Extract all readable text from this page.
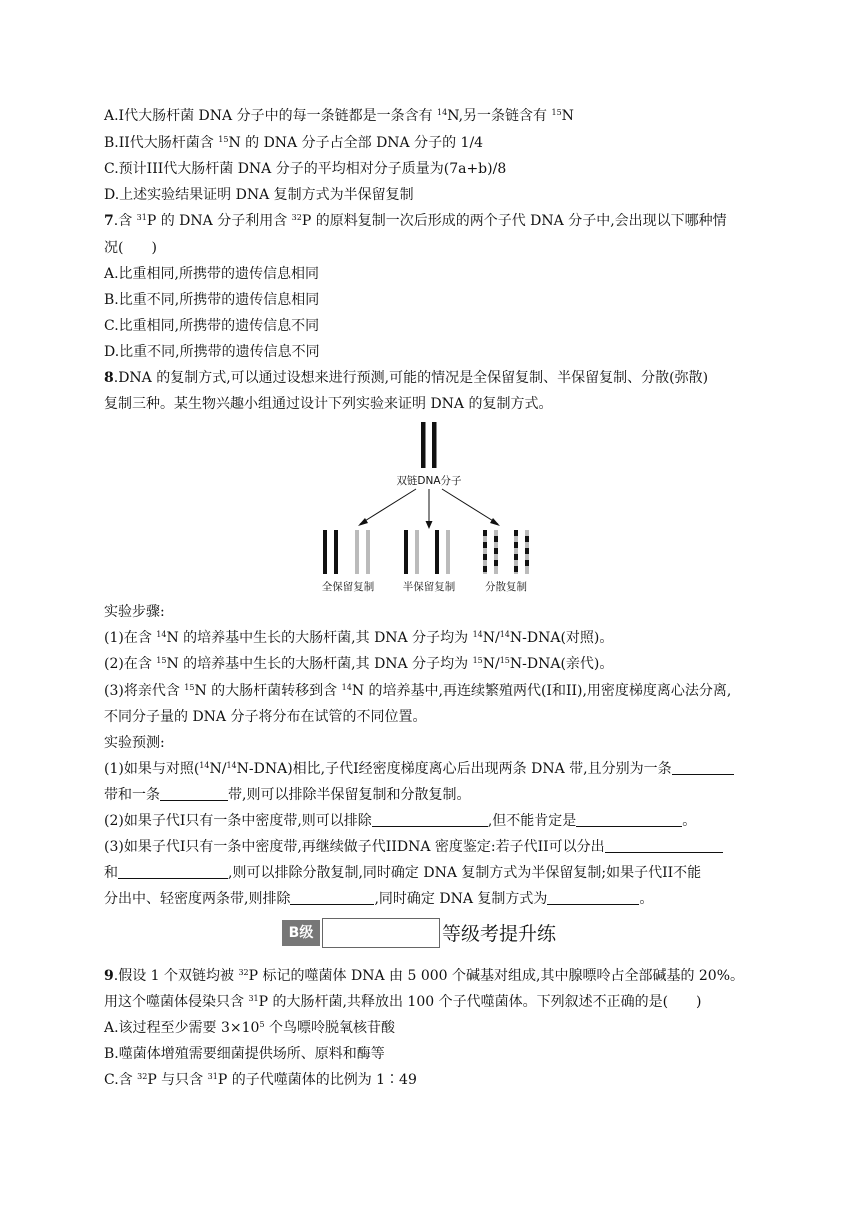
A.I代大肠杆菌 DNA 分子中的每一条链都是一条含有 $^{14}$N,另一条链含有 $^{15}$N
B.II代大肠杆菌含 $^{15}$N 的 DNA 分子占全部 DNA 分子的 1/4
C.预计III代大肠杆菌 DNA 分子的平均相对分子质量为(7a+b)/8
D.上述实验结果证明 DNA 复制方式为半保留复制
7.含 $^{31}$P 的 DNA 分子利用含 $^{32}$P 的原料复制一次后形成的两个子代 DNA 分子中,会出现以下哪种情
况(　　)
A.比重相同,所携带的遗传信息相同
B.比重不同,所携带的遗传信息相同
C.比重相同,所携带的遗传信息不同
D.比重不同,所携带的遗传信息不同
8.DNA 的复制方式,可以通过设想来进行预测,可能的情况是全保留复制、半保留复制、分散(弥散)
复制三种。某生物兴趣小组通过设计下列实验来证明 DNA 的复制方式。
双链DNA分子
全保留复制	半保留复制	分散复制
实验步骤:
(1)在含 $^{14}$N 的培养基中生长的大肠杆菌,其 DNA 分子均为 $^{14}$N/$^{14}$N-DNA(对照)。
(2)在含 $^{15}$N 的培养基中生长的大肠杆菌,其 DNA 分子均为 $^{15}$N/$^{15}$N-DNA(亲代)。
(3)将亲代含 $^{15}$N 的大肠杆菌转移到含 $^{14}$N 的培养基中,再连续繁殖两代(I和II),用密度梯度离心法分离,
不同分子量的 DNA 分子将分布在试管的不同位置。
实验预测:
(1)如果与对照($^{14}$N/$^{14}$N-DNA)相比,子代I经密度梯度离心后出现两条 DNA 带,且分别为一条
带和一条	带,则可以排除半保留复制和分散复制。
(2)如果子代I只有一条中密度带,则可以排除	,但不能肯定是	。
(3)如果子代I只有一条中密度带,再继续做子代IIDNA 密度鉴定:若子代II可以分出
和	,则可以排除分散复制,同时确定 DNA 复制方式为半保留复制;如果子代II不能
分出中、轻密度两条带,则排除	,同时确定 DNA 复制方式为	。
B级	等级考提升练
9.假设 1 个双链均被 $^{32}$P 标记的噬菌体 DNA 由 5 000 个碱基对组成,其中腺嘌呤占全部碱基的 20%。
用这个噬菌体侵染只含 $^{31}$P 的大肠杆菌,共释放出 100 个子代噬菌体。下列叙述不正确的是(　　)
A.该过程至少需要 $3\times 10^5$ 个鸟嘌呤脱氧核苷酸
B.噬菌体增殖需要细菌提供场所、原料和酶等
C.含 $^{32}$P 与只含 $^{31}$P 的子代噬菌体的比例为 1∶49
